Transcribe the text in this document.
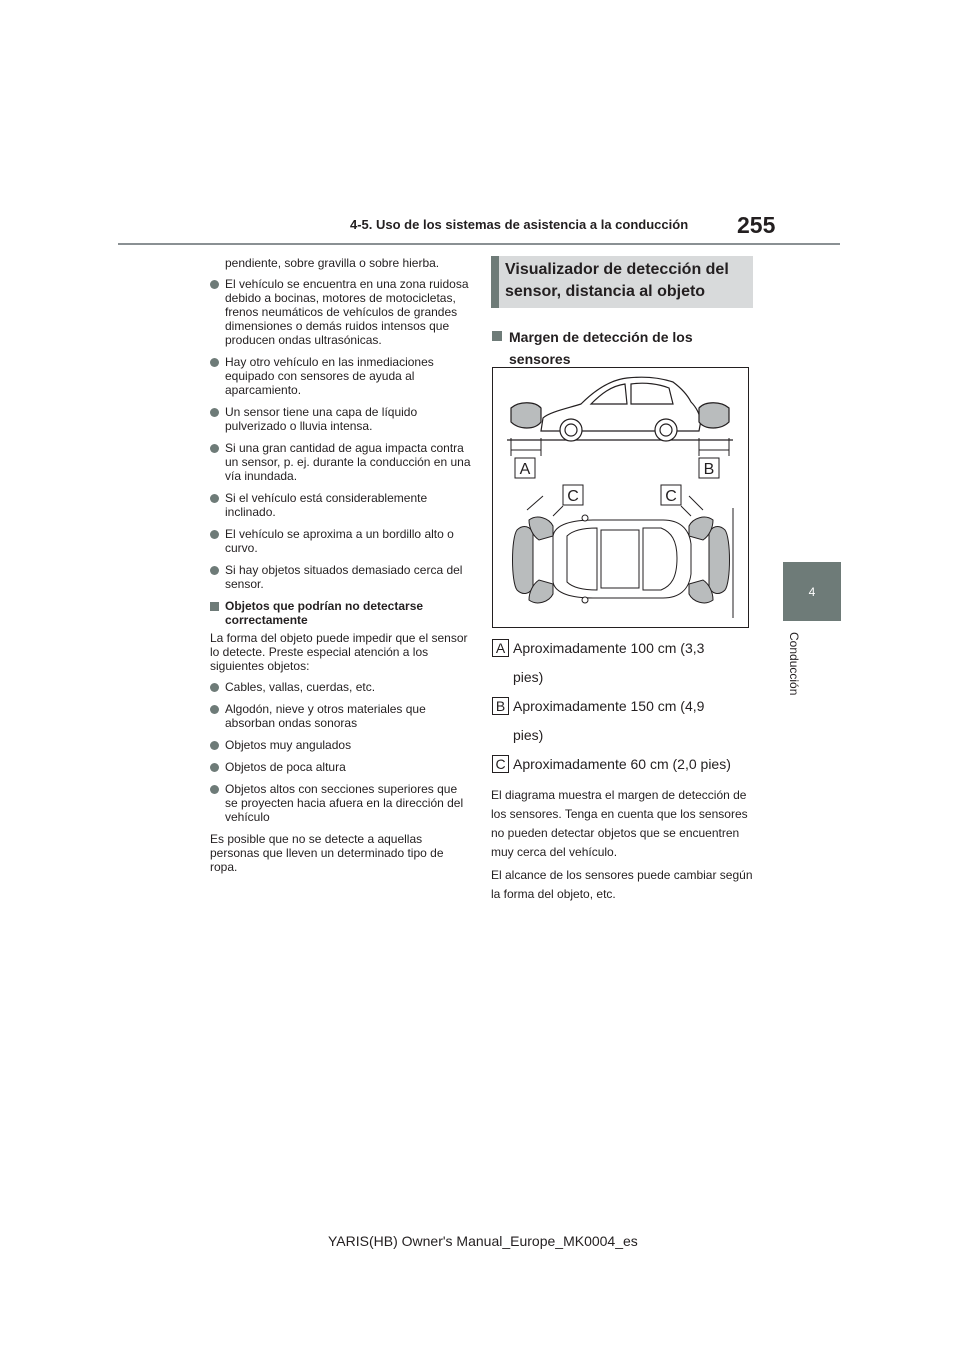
4-5. Uso de los sistemas de asistencia a la conducción 255
4
Conducción

pendiente, sobre gravilla o sobre hierba.

El vehículo se encuentra en una zona ruidosa debido a bocinas, motores de motocicletas, frenos neumáticos de vehículos de grandes dimensiones o demás ruidos intensos que producen ondas ultrasónicas.
Hay otro vehículo en las inmediaciones equipado con sensores de ayuda al aparcamiento.
Un sensor tiene una capa de líquido pulverizado o lluvia intensa.
Si una gran cantidad de agua impacta contra un sensor, p. ej. durante la conducción en una vía inundada.
Si el vehículo está considerablemente inclinado.
El vehículo se aproxima a un bordillo alto o curvo.
Si hay objetos situados demasiado cerca del sensor.
Objetos que podrían no detectarse correctamente

La forma del objeto puede impedir que el sensor lo detecte. Preste especial atención a los siguientes objetos:

Cables, vallas, cuerdas, etc.
Algodón, nieve y otros materiales que absorban ondas sonoras
Objetos muy angulados
Objetos de poca altura
Objetos altos con secciones superiores que se proyecten hacia afuera en la dirección del vehículo

Es posible que no se detecte a aquellas personas que lleven un determinado tipo de ropa.

Visualizador de detección del sensor, distancia al objeto
Margen de detección de los sensores
A	B
C	C
A Aproximadamente 100 cm (3,3
pies)
B Aproximadamente 150 cm (4,9
pies)
C Aproximadamente 60 cm (2,0 pies)

El diagrama muestra el margen de detección de los sensores. Tenga en cuenta que los sensores no pueden detectar objetos que se encuentren muy cerca del vehículo.

El alcance de los sensores puede cambiar según la forma del objeto, etc.

YARIS(HB) Owner's Manual_Europe_MK0004_es
